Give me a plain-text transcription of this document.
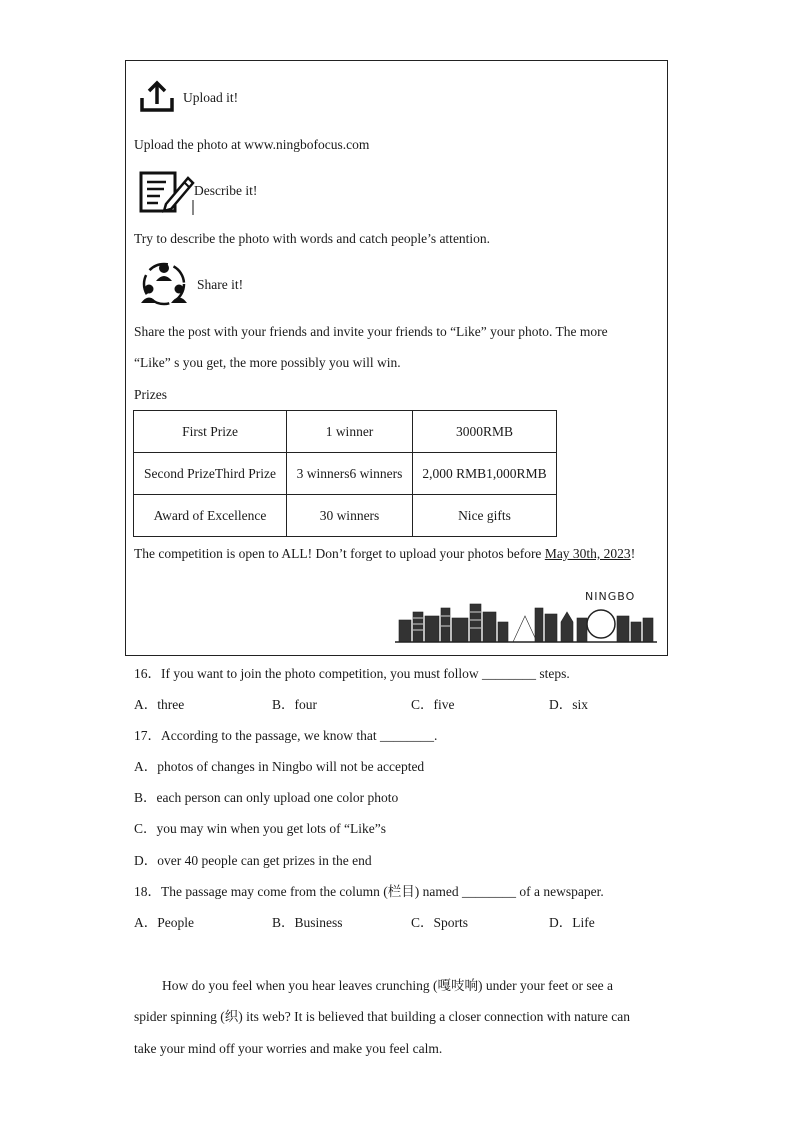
Upload it!
Upload the photo at www.ningbofocus.com
Describe it!
Try to describe the photo with words and catch people’s attention.
Share it!
Share the post with your friends and invite your friends to “Like” your photo. The more
“Like” s you get, the more possibly you will win.
Prizes
First Prize	1 winner	3000RMB
Second PrizeThird Prize	3 winners6 winners	2,000 RMB1,000RMB
Award of Excellence	30 winners	Nice gifts
The competition is open to ALL! Don’t forget to upload your photos before May 30th, 2023!
NINGBO
16．If you want to join the photo competition, you must follow ________ steps.
A．three	B．four	C．five	D．six
17．According to the passage, we know that ________.
A．photos of changes in Ningbo will not be accepted
B．each person can only upload one color photo
C．you may win when you get lots of “Like”s
D．over 40 people can get prizes in the end
18．The passage may come from the column (栏目) named ________ of a newspaper.
A．People	B．Business	C．Sports	D．Life
How do you feel when you hear leaves crunching (嘎吱响) under your feet or see a
spider spinning (织) its web? It is believed that building a closer connection with nature can
take your mind off your worries and make you feel calm.
